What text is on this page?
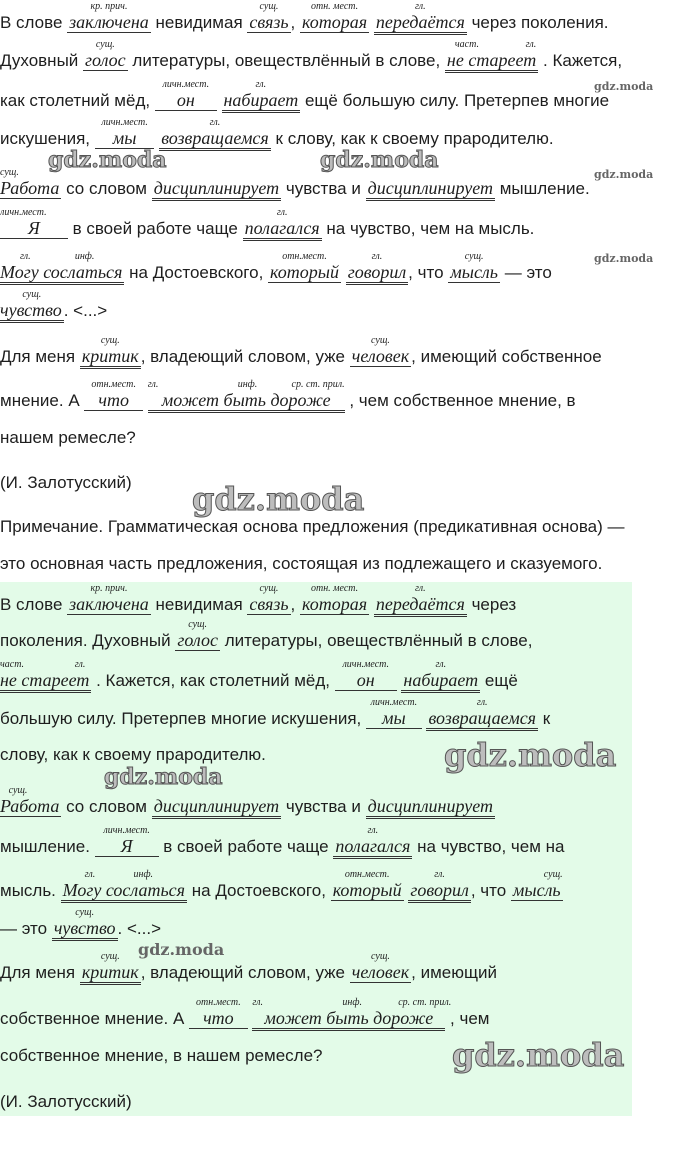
В слове
кр. прич.
заключена невидимая
сущ.
связь ,
отн. мест.
которая
гл.
передаётся через поколения.
Духовный
сущ.
голос литературы, овеществлённый в слове,
част.	гл.
не стареет . Кажется,
как столетний мёд,
личн.мест.
он
гл.
набирает ещё большую силу. Претерпев многие
искушения,
личн.мест.
мы
гл.
возвращаемся к слову, как к своему прародителю.
сущ.
Работа со словом дисциплинирует чувства и дисциплинирует мышление.
личн.мест.
Я в своей работе чаще
гл.
полагался на чувство, чем на мысль.
гл.	инф.
Могу сослаться на Достоевского,
отн.мест.
который
гл.
говорил , что
сущ.
мысль — это
сущ.
чувство . <...>
Для меня
сущ.
критик , владеющий словом, уже
сущ.
человек , имеющий собственное
мнение. А
отн.мест.
что
гл.	инф.	ср. ст. прил.
может быть дороже , чем собственное мнение, в
нашем ремесле?
(И. Залотусский)
Примечание. Грамматическая основа предложения (предикативная основа) —
это основная часть предложения, состоящая из подлежащего и сказуемого.
В слове
кр. прич.
заключена невидимая
сущ.
связь ,
отн. мест.
которая
гл.
передаётся через
поколения. Духовный
сущ.
голос литературы, овеществлённый в слове,
част.	гл.
не стареет . Кажется, как столетний мёд,
личн.мест.
он
гл.
набирает ещё
большую силу. Претерпев многие искушения,
личн.мест.
мы
гл.
возвращаемся к
слову, как к своему прародителю.
сущ.
Работа со словом дисциплинирует чувства и дисциплинирует
мышление.
личн.мест.
Я в своей работе чаще
гл.
полагался на чувство, чем на
мысль.
гл.	инф.
Могу сослаться на Достоевского,
отн.мест.
который
гл.
говорил , что
сущ.
мысль
— это
сущ.
чувство . <...>
Для меня
сущ.
критик , владеющий словом, уже
сущ.
человек , имеющий
собственное мнение. А
отн.мест.
что
гл.	инф.	ср. ст. прил.
может быть дороже , чем
собственное мнение, в нашем ремесле?
(И. Залотусский)
gdz.moda
gdz.moda	gdz.moda
gdz.moda
gdz.moda
gdz.moda
gdz.moda
gdz.moda
gdz.moda
gdz.moda
